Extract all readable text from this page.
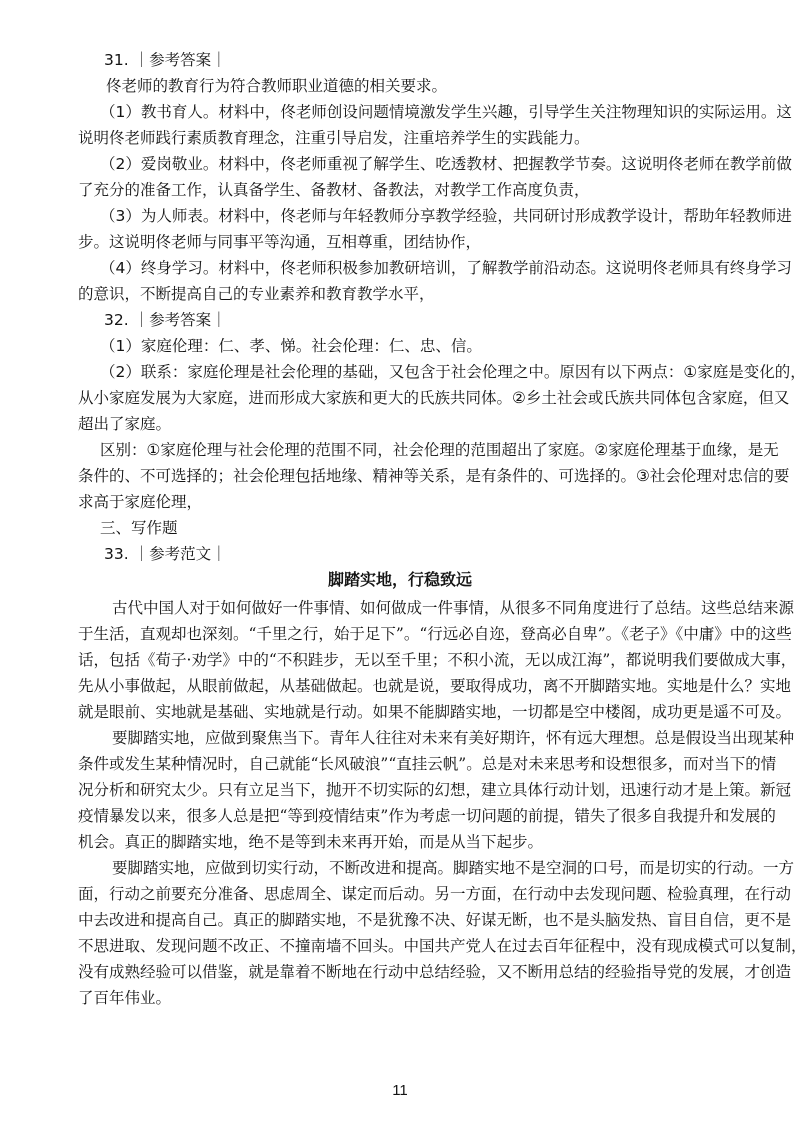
31. ｜参考答案｜
佟老师的教育行为符合教师职业道德的相关要求。
（1）教书育人。材料中，佟老师创设问题情境激发学生兴趣，引导学生关注物理知识的实际运用。这
说明佟老师践行素质教育理念，注重引导启发，注重培养学生的实践能力。
（2）爱岗敬业。材料中，佟老师重视了解学生、吃透教材、把握教学节奏。这说明佟老师在教学前做
了充分的准备工作，认真备学生、备教材、备教法，对教学工作高度负责，
（3）为人师表。材料中，佟老师与年轻教师分享教学经验，共同研讨形成教学设计，帮助年轻教师进
步。这说明佟老师与同事平等沟通，互相尊重，团结协作，
（4）终身学习。材料中，佟老师积极参加教研培训，了解教学前沿动态。这说明佟老师具有终身学习
的意识，不断提高自己的专业素养和教育教学水平，
32. ｜参考答案｜
（1）家庭伦理：仁、孝、悌。社会伦理：仁、忠、信。
（2）联系：家庭伦理是社会伦理的基础，又包含于社会伦理之中。原因有以下两点：①家庭是变化的，
从小家庭发展为大家庭，进而形成大家族和更大的氏族共同体。②乡土社会或氏族共同体包含家庭，但又
超出了家庭。
区别：①家庭伦理与社会伦理的范围不同，社会伦理的范围超出了家庭。②家庭伦理基于血缘，是无
条件的、不可选择的；社会伦理包括地缘、精神等关系，是有条件的、可选择的。③社会伦理对忠信的要
求高于家庭伦理，
三、写作题
33. ｜参考范文｜
脚踏实地，行稳致远
古代中国人对于如何做好一件事情、如何做成一件事情，从很多不同角度进行了总结。这些总结来源
于生活，直观却也深刻。“千里之行，始于足下”。“行远必自迩，登高必自卑”。《老子》《中庸》中的这些
话，包括《荀子·劝学》中的“不积跬步，无以至千里；不积小流，无以成江海”，都说明我们要做成大事，
先从小事做起，从眼前做起，从基础做起。也就是说，要取得成功，离不开脚踏实地。实地是什么？实地
就是眼前、实地就是基础、实地就是行动。如果不能脚踏实地，一切都是空中楼阁，成功更是遥不可及。
要脚踏实地，应做到聚焦当下。青年人往往对未来有美好期许，怀有远大理想。总是假设当出现某种
条件或发生某种情况时，自己就能“长风破浪”“直挂云帆”。总是对未来思考和设想很多，而对当下的情
况分析和研究太少。只有立足当下，抛开不切实际的幻想，建立具体行动计划，迅速行动才是上策。新冠
疫情暴发以来，很多人总是把“等到疫情结束”作为考虑一切问题的前提，错失了很多自我提升和发展的
机会。真正的脚踏实地，绝不是等到未来再开始，而是从当下起步。
要脚踏实地，应做到切实行动，不断改进和提高。脚踏实地不是空洞的口号，而是切实的行动。一方
面，行动之前要充分准备、思虑周全、谋定而后动。另一方面，在行动中去发现问题、检验真理，在行动
中去改进和提高自己。真正的脚踏实地，不是犹豫不决、好谋无断，也不是头脑发热、盲目自信，更不是
不思进取、发现问题不改正、不撞南墙不回头。中国共产党人在过去百年征程中，没有现成模式可以复制，
没有成熟经验可以借鉴，就是靠着不断地在行动中总结经验，又不断用总结的经验指导党的发展，才创造
了百年伟业。
11
